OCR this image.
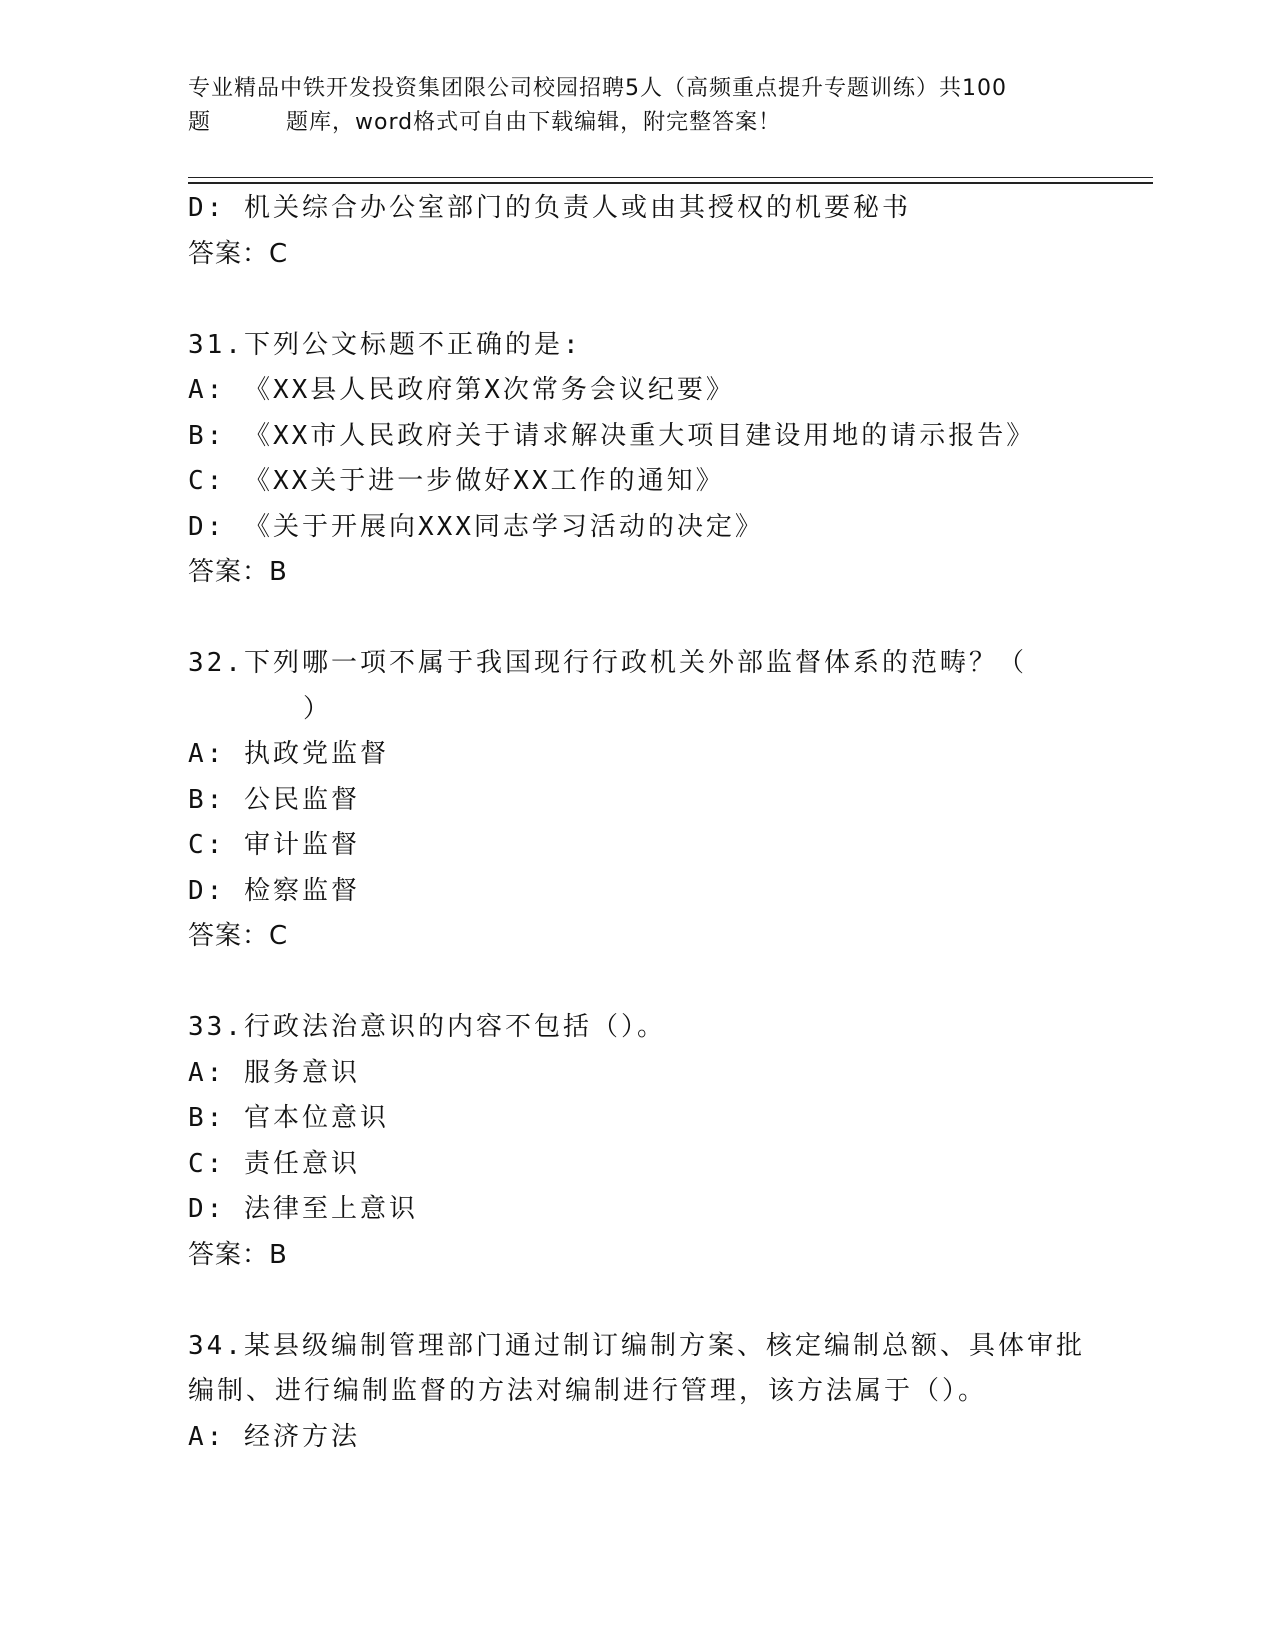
专业精品中铁开发投资集团限公司校园招聘5人（高频重点提升专题训练）共100
题	题库，word格式可自由下载编辑，附完整答案！
D: 机关综合办公室部门的负责人或由其授权的机要秘书
答案：C
31.下列公文标题不正确的是:
A: 《XX县人民政府第X次常务会议纪要》
B: 《XX市人民政府关于请求解决重大项目建设用地的请示报告》
C: 《XX关于进一步做好XX工作的通知》
D: 《关于开展向XXX同志学习活动的决定》
答案：B
32.下列哪一项不属于我国现行行政机关外部监督体系的范畴？（
）
A: 执政党监督
B: 公民监督
C: 审计监督
D: 检察监督
答案：C
33.行政法治意识的内容不包括（）。
A: 服务意识
B: 官本位意识
C: 责任意识
D: 法律至上意识
答案：B
34.某县级编制管理部门通过制订编制方案、核定编制总额、具体审批
编制、进行编制监督的方法对编制进行管理，该方法属于（）。
A: 经济方法
